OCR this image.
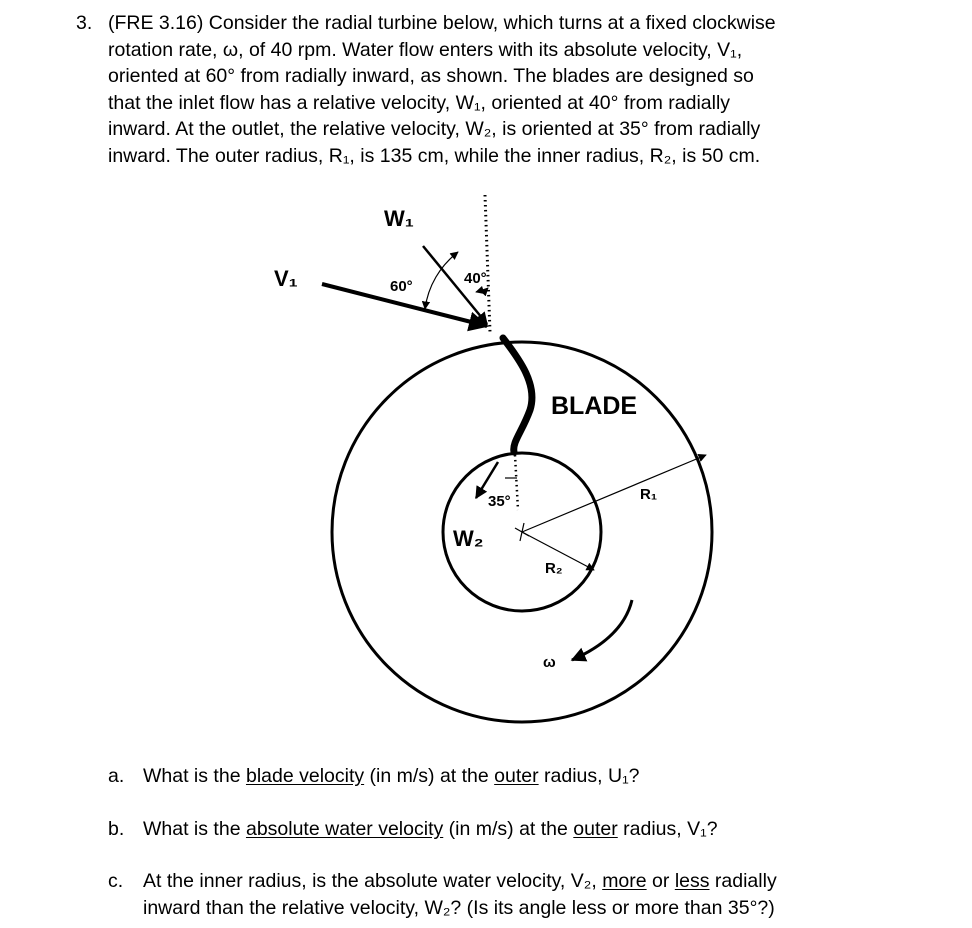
3. (FRE 3.16) Consider the radial turbine below, which turns at a fixed clockwise
rotation rate, ω, of 40 rpm. Water flow enters with its absolute velocity, V₁,
oriented at 60° from radially inward, as shown. The blades are designed so
that the inlet flow has a relative velocity, W₁, oriented at 40° from radially
inward. At the outlet, the relative velocity, W₂, is oriented at 35° from radially
inward. The outer radius, R₁, is 135 cm, while the inner radius, R₂, is 50 cm.
W₁
V₁	60°	40°
BLADE
R₁
35°
W₂
R₂
ω
a. What is the blade velocity (in m/s) at the outer radius, U₁?
b. What is the absolute water velocity (in m/s) at the outer radius, V₁?
c. At the inner radius, is the absolute water velocity, V₂, more or less radially
inward than the relative velocity, W₂? (Is its angle less or more than 35°?)
